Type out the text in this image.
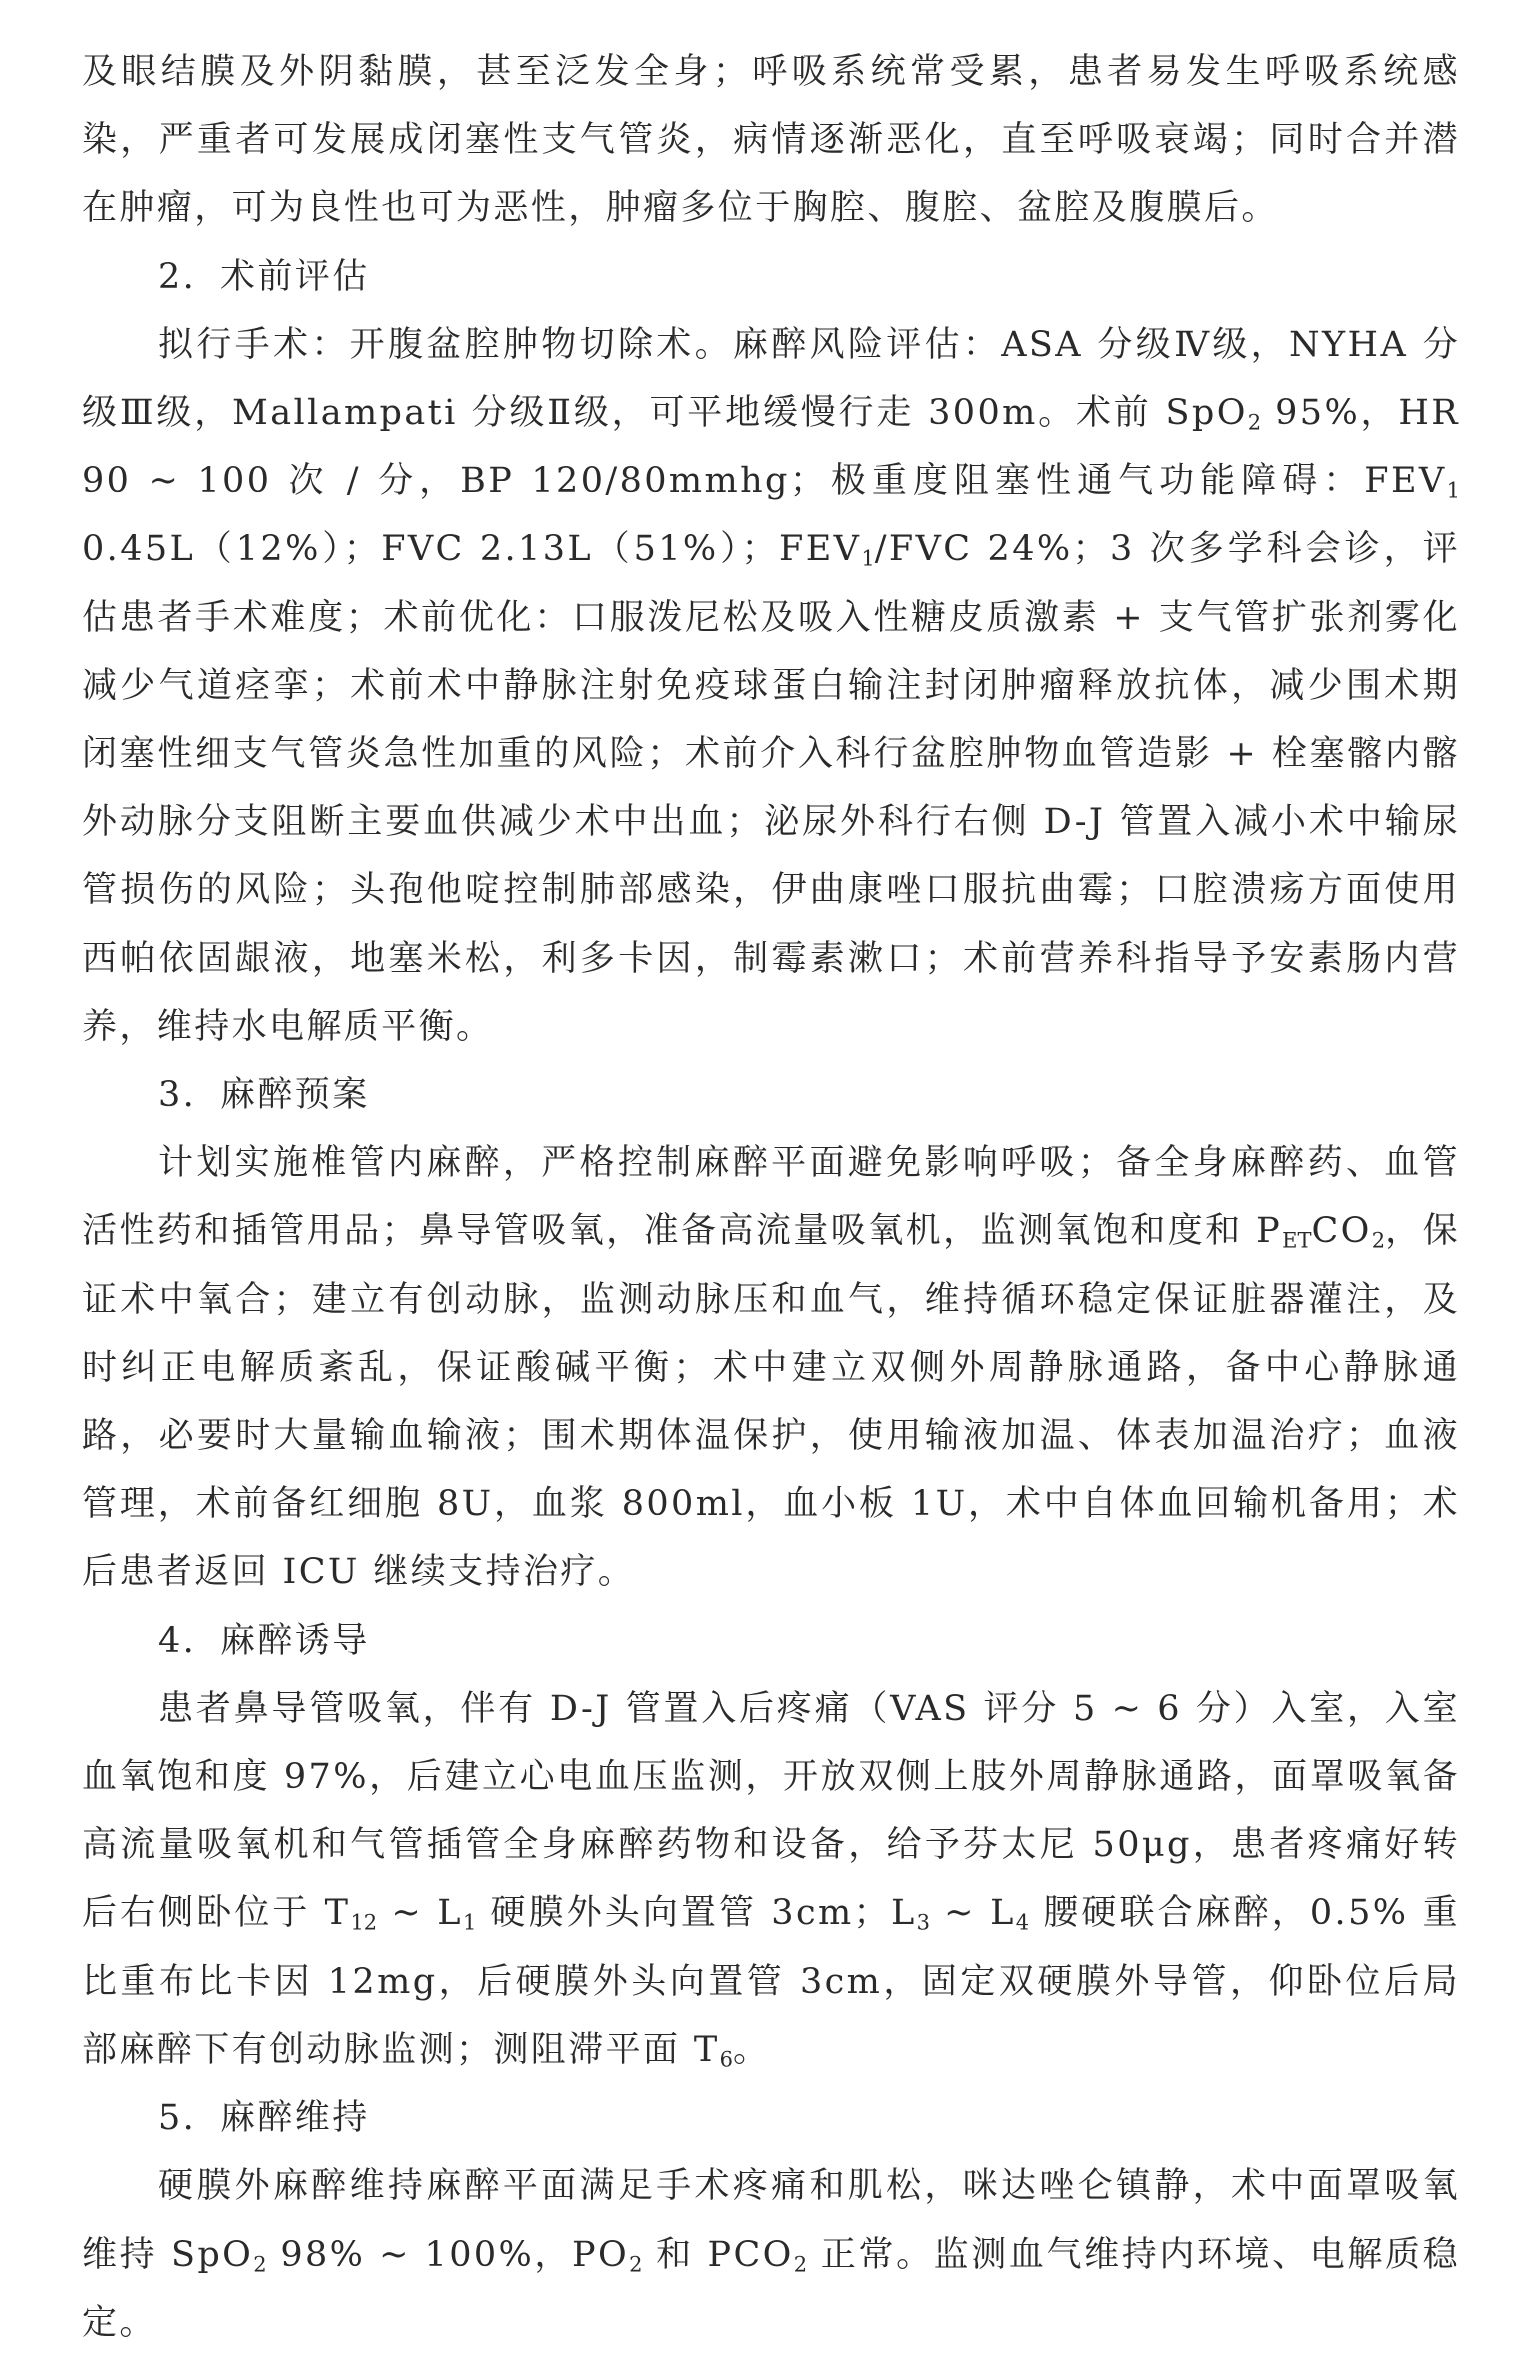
及眼结膜及外阴黏膜，甚至泛发全身；呼吸系统常受累，患者易发生呼吸系统感染，严重者可发展成闭塞性支气管炎，病情逐渐恶化，直至呼吸衰竭；同时合并潜在肿瘤，可为良性也可为恶性，肿瘤多位于胸腔、腹腔、盆腔及腹膜后。

2. 术前评估

拟行手术：开腹盆腔肿物切除术。麻醉风险评估：ASA 分级Ⅳ级，NYHA 分级Ⅲ级，Mallampati 分级Ⅱ级，可平地缓慢行走 300m。术前 SpO$_2$ 95%，HR 90 ~ 100 次 / 分，BP 120/80mmhg；极重度阻塞性通气功能障碍：$FEV_1$ 0.45L（12%）；FVC 2.13L（51%）；$FEV_1$/FVC 24%；3 次多学科会诊，评估患者手术难度；术前优化：口服泼尼松及吸入性糖皮质激素 + 支气管扩张剂雾化减少气道痉挛；术前术中静脉注射免疫球蛋白输注封闭肿瘤释放抗体，减少围术期闭塞性细支气管炎急性加重的风险；术前介入科行盆腔肿物血管造影 + 栓塞髂内髂外动脉分支阻断主要血供减少术中出血；泌尿外科行右侧 D-J 管置入减小术中输尿管损伤的风险；头孢他啶控制肺部感染，伊曲康唑口服抗曲霉；口腔溃疡方面使用西帕依固龈液，地塞米松，利多卡因，制霉素漱口；术前营养科指导予安素肠内营养，维持水电解质平衡。

3. 麻醉预案

计划实施椎管内麻醉，严格控制麻醉平面避免影响呼吸；备全身麻醉药、血管活性药和插管用品；鼻导管吸氧，准备高流量吸氧机，监测氧饱和度和 $P_{ET}CO_2$，保证术中氧合；建立有创动脉，监测动脉压和血气，维持循环稳定保证脏器灌注，及时纠正电解质紊乱，保证酸碱平衡；术中建立双侧外周静脉通路，备中心静脉通路，必要时大量输血输液；围术期体温保护，使用输液加温、体表加温治疗；血液管理，术前备红细胞 8U，血浆 800ml，血小板 1U，术中自体血回输机备用；术后患者返回 ICU 继续支持治疗。

4. 麻醉诱导

患者鼻导管吸氧，伴有 D-J 管置入后疼痛（VAS 评分 5 ~ 6 分）入室，入室血氧饱和度 97%，后建立心电血压监测，开放双侧上肢外周静脉通路，面罩吸氧备高流量吸氧机和气管插管全身麻醉药物和设备，给予芬太尼 50μg，患者疼痛好转后右侧卧位于 $T_{12}$ ~ $L_1$ 硬膜外头向置管 3cm；$L_3$ ~ $L_4$ 腰硬联合麻醉，0.5% 重比重布比卡因 12mg，后硬膜外头向置管 3cm，固定双硬膜外导管，仰卧位后局部麻醉下有创动脉监测；测阻滞平面 $T_6$。

5. 麻醉维持

硬膜外麻醉维持麻醉平面满足手术疼痛和肌松，咪达唑仑镇静，术中面罩吸氧维持 SpO$_2$ 98% ~ 100%，$PO_2$ 和 $PCO_2$ 正常。监测血气维持内环境、电解质稳定。
